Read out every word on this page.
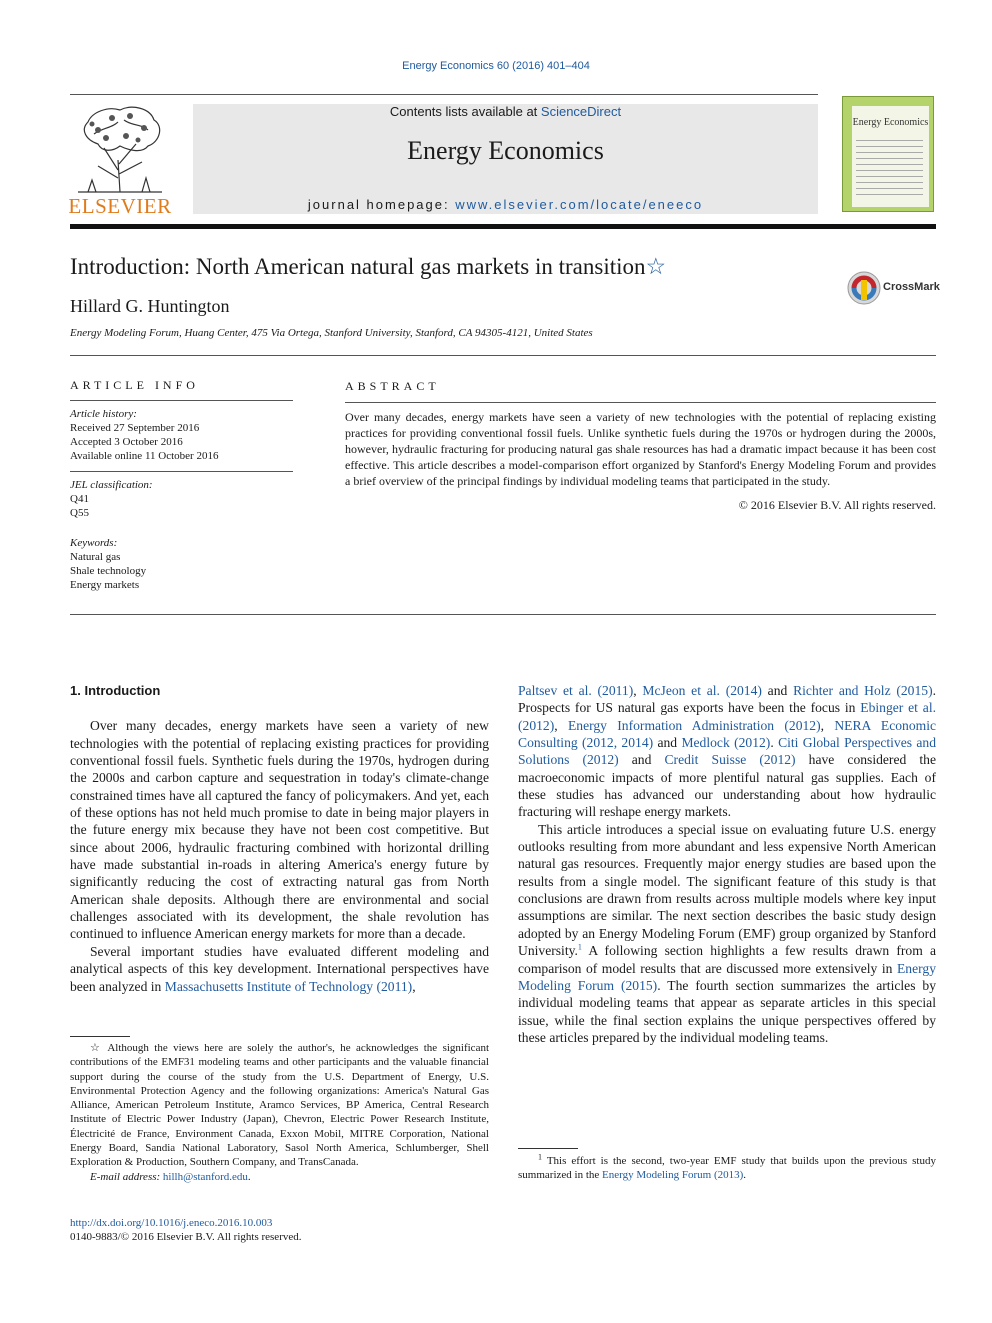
Energy Economics 60 (2016) 401–404
ELSEVIER
Contents lists available at ScienceDirect
Energy Economics
journal homepage: www.elsevier.com/locate/eneeco
Energy Economics
Introduction: North American natural gas markets in transition☆
CrossMark
Hillard G. Huntington
Energy Modeling Forum, Huang Center, 475 Via Ortega, Stanford University, Stanford, CA 94305-4121, United States
ARTICLE INFO
Article history:
Received 27 September 2016
Accepted 3 October 2016
Available online 11 October 2016
JEL classification:
Q41
Q55
Keywords:
Natural gas
Shale technology
Energy markets
ABSTRACT
Over many decades, energy markets have seen a variety of new technologies with the potential of replacing existing practices for providing conventional fossil fuels. Unlike synthetic fuels during the 1970s or hydrogen during the 2000s, however, hydraulic fracturing for producing natural gas shale resources has had a dramatic impact because it has been cost effective. This article describes a model-comparison effort organized by Stanford's Energy Modeling Forum and provides a brief overview of the principal findings by individual modeling teams that participated in the study.
© 2016 Elsevier B.V. All rights reserved.
1. Introduction

Over many decades, energy markets have seen a variety of new technologies with the potential of replacing existing practices for providing conventional fossil fuels. Synthetic fuels during the 1970s, hydrogen during the 2000s and carbon capture and sequestration in today's climate-change constrained times have all captured the fancy of policymakers. And yet, each of these options has not held much promise to date in being major players in the future energy mix because they have not been cost competitive. But since about 2006, hydraulic fracturing combined with horizontal drilling have made substantial in-roads in altering America's energy future by significantly reducing the cost of extracting natural gas from North American shale deposits. Although there are environmental and social challenges associated with its development, the shale revolution has continued to influence American energy markets for more than a decade.

Several important studies have evaluated different modeling and analytical aspects of this key development. International perspectives have been analyzed in Massachusetts Institute of Technology (2011),

☆ Although the views here are solely the author's, he acknowledges the significant contributions of the EMF31 modeling teams and other participants and the valuable financial support during the course of the study from the U.S. Department of Energy, U.S. Environmental Protection Agency and the following organizations: America's Natural Gas Alliance, American Petroleum Institute, Aramco Services, BP America, Central Research Institute of Electric Power Industry (Japan), Chevron, Electric Power Research Institute, Électricité de France, Environment Canada, Exxon Mobil, MITRE Corporation, National Energy Board, Sandia National Laboratory, Sasol North America, Schlumberger, Shell Exploration & Production, Southern Company, and TransCanada.

E-mail address: hillh@stanford.edu.

Paltsev et al. (2011), McJeon et al. (2014) and Richter and Holz (2015). Prospects for US natural gas exports have been the focus in Ebinger et al. (2012), Energy Information Administration (2012), NERA Economic Consulting (2012, 2014) and Medlock (2012). Citi Global Perspectives and Solutions (2012) and Credit Suisse (2012) have considered the macroeconomic impacts of more plentiful natural gas supplies. Each of these studies has advanced our understanding about how hydraulic fracturing will reshape energy markets.

This article introduces a special issue on evaluating future U.S. energy outlooks resulting from more abundant and less expensive North American natural gas resources. Frequently major energy studies are based upon the results from a single model. The significant feature of this study is that conclusions are drawn from results across multiple models where key input assumptions are similar. The next section describes the basic study design adopted by an Energy Modeling Forum (EMF) group organized by Stanford University.$^1$ A following section highlights a few results drawn from a comparison of model results that are discussed more extensively in Energy Modeling Forum (2015). The fourth section summarizes the articles by individual modeling teams that appear as separate articles in this special issue, while the final section explains the unique perspectives offered by these articles prepared by the individual modeling teams.

$^1$ This effort is the second, two-year EMF study that builds upon the previous study summarized in the Energy Modeling Forum (2013).

http://dx.doi.org/10.1016/j.eneco.2016.10.003
0140-9883/© 2016 Elsevier B.V. All rights reserved.
